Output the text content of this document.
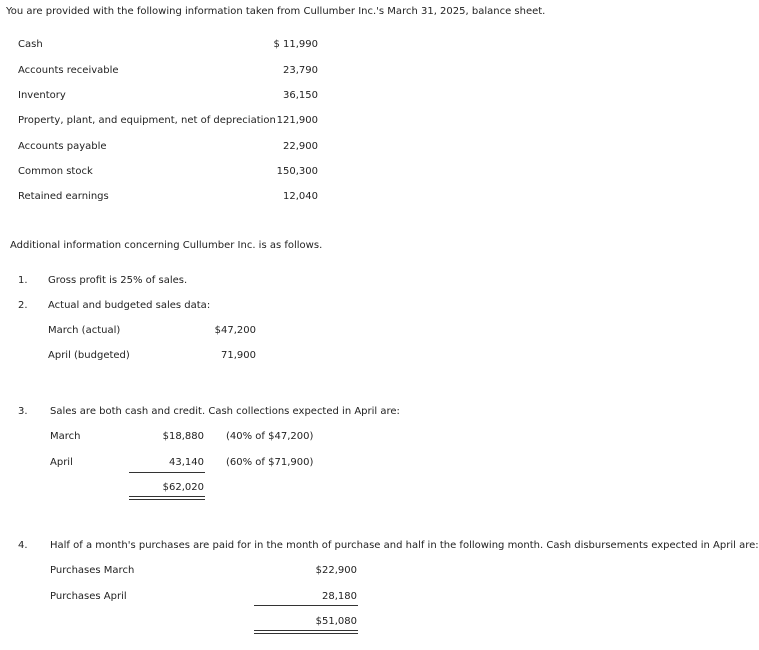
You are provided with the following information taken from Cullumber Inc.'s March 31, 2025, balance sheet.
Cash	$ 11,990
Accounts receivable	23,790
Inventory	36,150
Property, plant, and equipment, net of depreciation 121,900
Accounts payable	22,900
Common stock	150,300
Retained earnings	12,040
Additional information concerning Cullumber Inc. is as follows.
1. Gross profit is 25% of sales.
2. Actual and budgeted sales data:
March (actual)	$47,200
April (budgeted)	71,900
3. Sales are both cash and credit. Cash collections expected in April are:
March	$18,880 (40% of $47,200)
April	43,140 (60% of $71,900)
$62,020
4. Half of a month's purchases are paid for in the month of purchase and half in the following month. Cash disbursements expected in April are:
Purchases March	$22,900
Purchases April	28,180
$51,080
